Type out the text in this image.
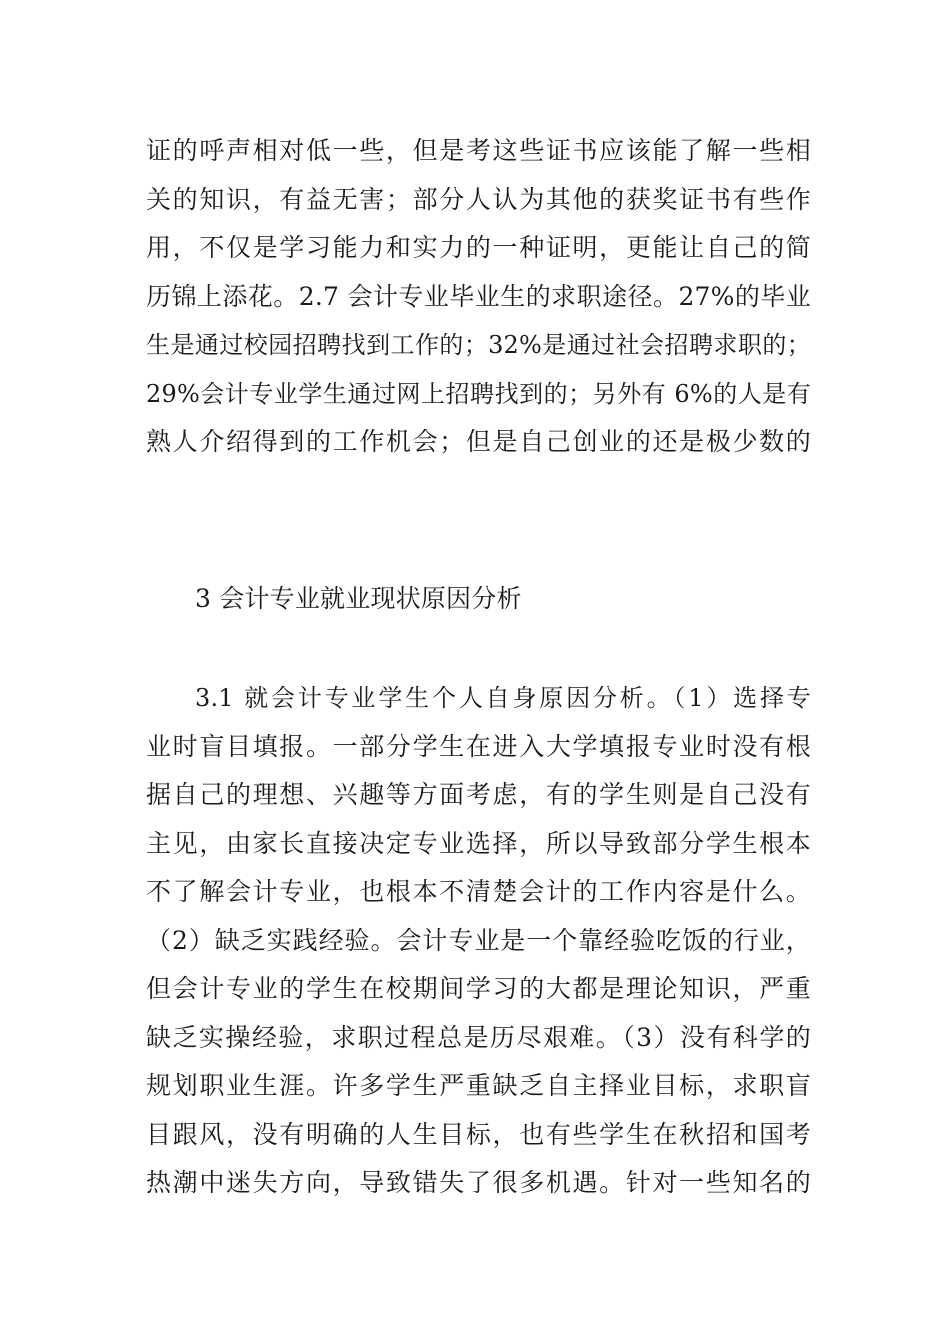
证的呼声相对低一些，但是考这些证书应该能了解一些相
关的知识，有益无害；部分人认为其他的获奖证书有些作
用，不仅是学习能力和实力的一种证明，更能让自己的简
历锦上添花。2.7 会计专业毕业生的求职途径。27%的毕业
生是通过校园招聘找到工作的；32%是通过社会招聘求职的；
29%会计专业学生通过网上招聘找到的；另外有 6%的人是有
熟人介绍得到的工作机会；但是自己创业的还是极少数的
3 会计专业就业现状原因分析
3.1 就会计专业学生个人自身原因分析。（1）选择专
业时盲目填报。一部分学生在进入大学填报专业时没有根
据自己的理想、兴趣等方面考虑，有的学生则是自己没有
主见，由家长直接决定专业选择，所以导致部分学生根本
不了解会计专业，也根本不清楚会计的工作内容是什么。
（2）缺乏实践经验。会计专业是一个靠经验吃饭的行业，
但会计专业的学生在校期间学习的大都是理论知识，严重
缺乏实操经验，求职过程总是历尽艰难。（3）没有科学的
规划职业生涯。许多学生严重缺乏自主择业目标，求职盲
目跟风，没有明确的人生目标，也有些学生在秋招和国考
热潮中迷失方向，导致错失了很多机遇。针对一些知名的
